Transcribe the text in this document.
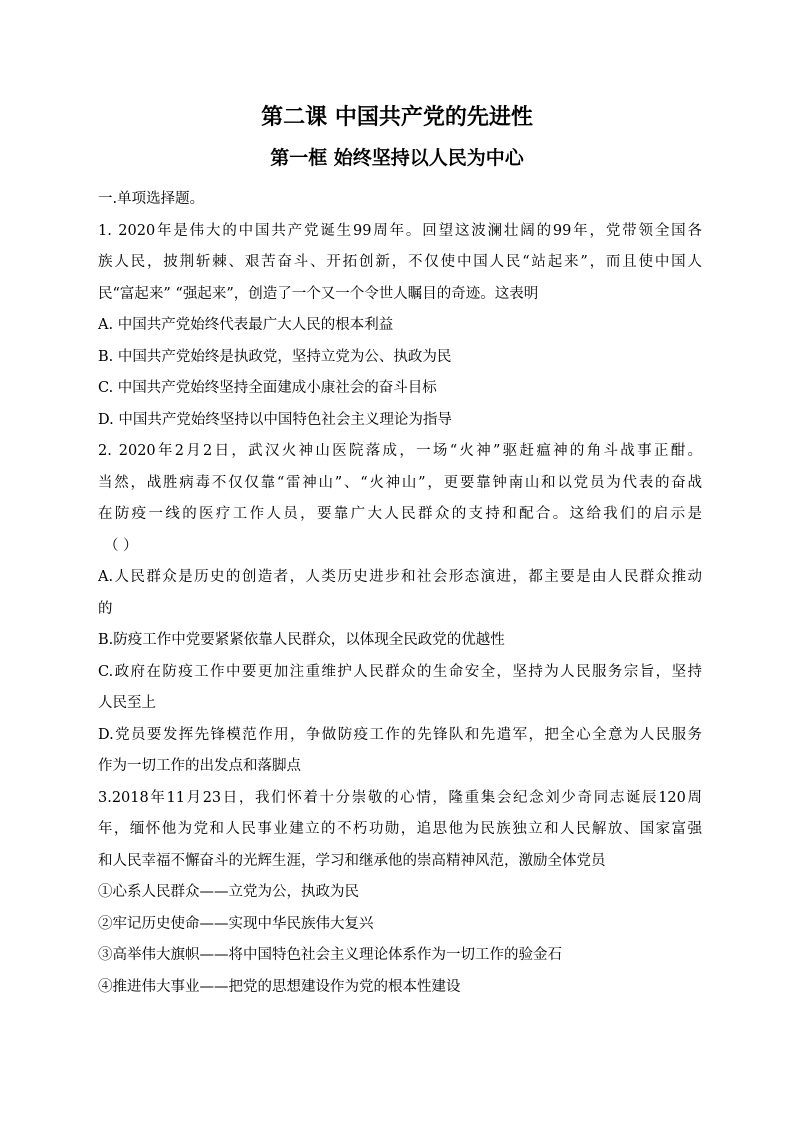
第二课 中国共产党的先进性
第一框 始终坚持以人民为中心
一.单项选择题。
1. 2020年是伟大的中国共产党诞生99周年。回望这波澜壮阔的99年，党带领全国各
族人民，披荆斩棘、艰苦奋斗、开拓创新，不仅使中国人民“站起来”，而且使中国人
民“富起来” “强起来”，创造了一个又一个令世人瞩目的奇迹。这表明
A. 中国共产党始终代表最广大人民的根本利益
B. 中国共产党始终是执政党，坚持立党为公、执政为民
C. 中国共产党始终坚持全面建成小康社会的奋斗目标
D. 中国共产党始终坚持以中国特色社会主义理论为指导
2. 2020年2月2日，武汉火神山医院落成，一场“火神”驱赶瘟神的角斗战事正酣。
当然，战胜病毒不仅仅靠“雷神山”、“火神山”，更要靠钟南山和以党员为代表的奋战
在防疫一线的医疗工作人员，要靠广大人民群众的支持和配合。这给我们的启示是
（ ）
A.人民群众是历史的创造者，人类历史进步和社会形态演进，都主要是由人民群众推动
的
B.防疫工作中党要紧紧依靠人民群众，以体现全民政党的优越性
C.政府在防疫工作中要更加注重维护人民群众的生命安全，坚持为人民服务宗旨，坚持
人民至上
D.党员要发挥先锋模范作用，争做防疫工作的先锋队和先遣军，把全心全意为人民服务
作为一切工作的出发点和落脚点
3.2018年11月23日，我们怀着十分崇敬的心情，隆重集会纪念刘少奇同志诞辰120周
年，缅怀他为党和人民事业建立的不朽功勋，追思他为民族独立和人民解放、国家富强
和人民幸福不懈奋斗的光辉生涯，学习和继承他的崇高精神风范，激励全体党员
①心系人民群众——立党为公，执政为民
②牢记历史使命——实现中华民族伟大复兴
③高举伟大旗帜——将中国特色社会主义理论体系作为一切工作的验金石
④推进伟大事业——把党的思想建设作为党的根本性建设
